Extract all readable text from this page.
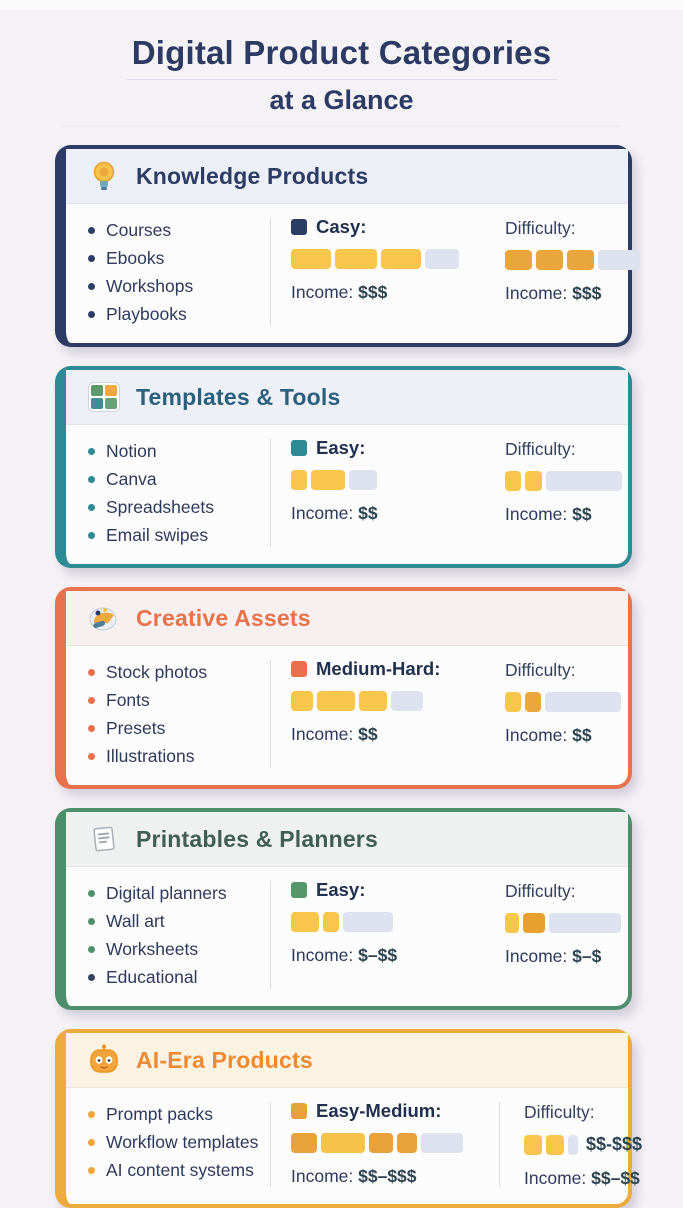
Digital Product Categories
at a Glance
Knowledge Products
Courses
Ebooks
Workshops
Playbooks
Casy:
Income: $$$
Difficulty:
Income: $$$
Templates & Tools
Notion
Canva
Spreadsheets
Email swipes
Easy:
Income: $$
Difficulty:
Income: $$
Creative Assets
Stock photos
Fonts
Presets
Illustrations
Medium-Hard:
Income: $$
Difficulty:
Income: $$
Printables & Planners
Digital planners
Wall art
Worksheets
Educational
Easy:
Income: $–$$
Difficulty:
Income: $–$
AI-Era Products
Prompt packs
Workflow templates
AI content systems
Easy-Medium:
Income: $$–$$$
Difficulty:
$$-$$$
Income: $$–$$
